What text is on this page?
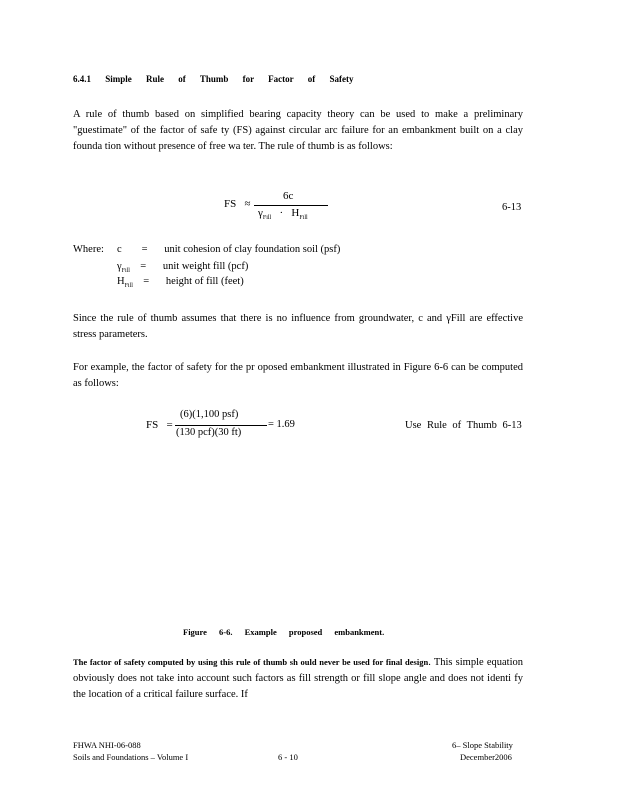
6.4.1 Simple Rule of Thumb for Factor of Safety
A rule of thumb based on simplified bearing capacity theory can be used to make a preliminary "guestimate" of the factor of safe ty (FS) against circular arc failure for an embankment built on a clay founda tion without presence of free wa ter. The rule of thumb is as follows:
FS ≈
6c
$\gamma_{Fill} \cdot H_{Fill}$
6-13
Where: c = unit cohesion of clay foundation soil (psf)
$\gamma_{Fill}$ = unit weight fill (pcf)
$H_{Fill}$ = height of fill (feet)
Since the rule of thumb assumes that there is no influence from groundwater, c and γFill are effective stress parameters.
For example, the factor of safety for the pr oposed embankment illustrated in Figure 6-6 can be computed as follows:
FS =
(6)(1,100 psf)
(130 pcf)(30 ft)
= 1.69	Use Rule of Thumb 6-13
Figure 6-6. Example proposed embankment.
The factor of safety computed by using this rule of thumb sh ould never be used for final design. This simple equation obviously does not take into account such factors as fill strength or fill slope angle and does not identi fy the location of a critical failure surface. If
FHWA NHI-06-088
Soils and Foundations – Volume I	6 - 10
6– Slope Stability
December2006
